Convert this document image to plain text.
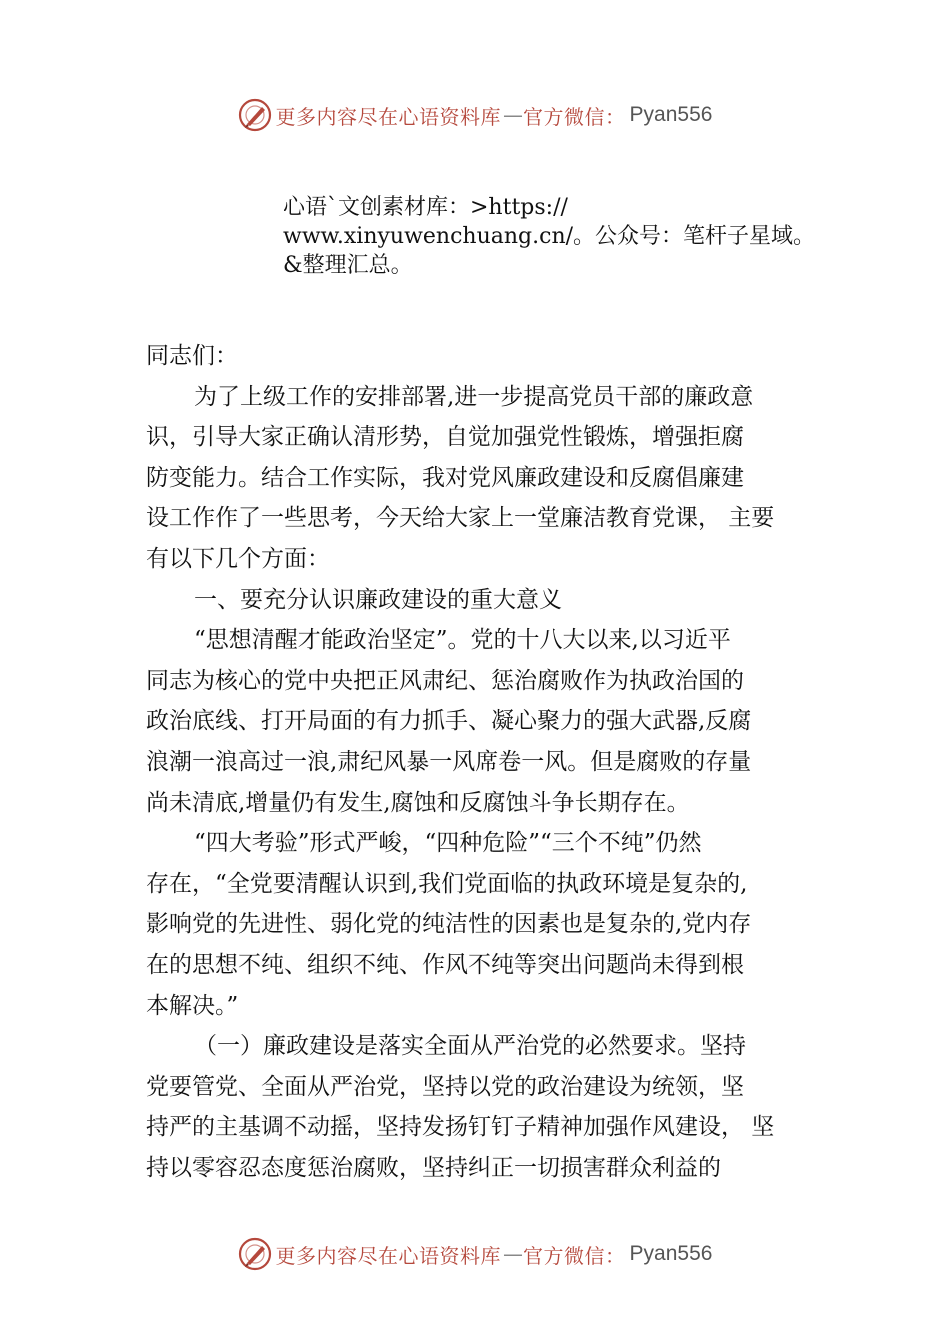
更多内容尽在心语资料库 — 官方微信： Pyan556
心语`文创素材库：>https://
www.xinyuwenchuang.cn/。公众号：笔杆子星域。
&整理汇总。
同志们：
为了上级工作的安排部署,进一步提高党员干部的廉政意
识，引导大家正确认清形势，自觉加强党性锻炼，增强拒腐
防变能力。结合工作实际，我对党风廉政建设和反腐倡廉建
设工作作了一些思考，今天给大家上一堂廉洁教育党课， 主要
有以下几个方面：
一、要充分认识廉政建设的重大意义
“思想清醒才能政治坚定”。党的十八大以来,以习近平
同志为核心的党中央把正风肃纪、惩治腐败作为执政治国的
政治底线、打开局面的有力抓手、凝心聚力的强大武器,反腐
浪潮一浪高过一浪,肃纪风暴一风席卷一风。但是腐败的存量
尚未清底,增量仍有发生,腐蚀和反腐蚀斗争长期存在。
“四大考验”形式严峻，“四种危险”“三个不纯”仍然
存在，“全党要清醒认识到,我们党面临的执政环境是复杂的,
影响党的先进性、弱化党的纯洁性的因素也是复杂的,党内存
在的思想不纯、组织不纯、作风不纯等突出问题尚未得到根
本解决。”
（一）廉政建设是落实全面从严治党的必然要求。坚持
党要管党、全面从严治党，坚持以党的政治建设为统领，坚
持严的主基调不动摇，坚持发扬钉钉子精神加强作风建设， 坚
持以零容忍态度惩治腐败，坚持纠正一切损害群众利益的
更多内容尽在心语资料库 — 官方微信： Pyan556
